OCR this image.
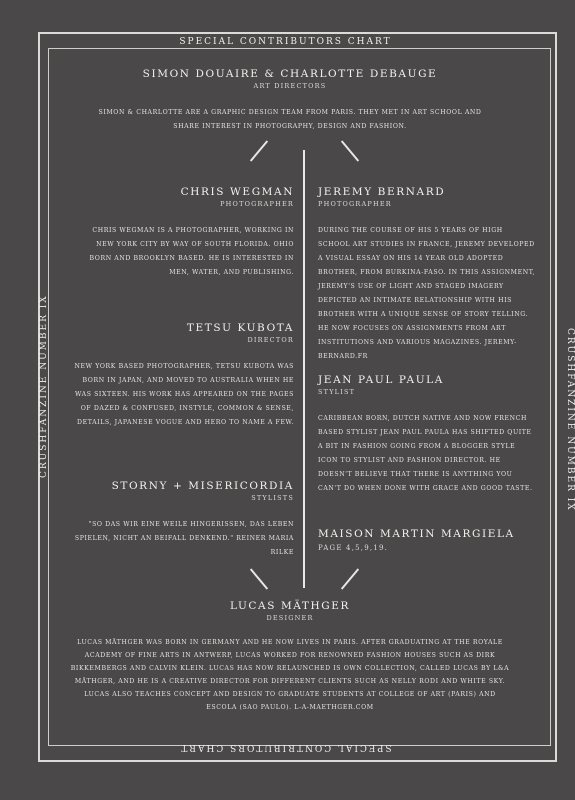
SPECIAL CONTRIBUTORS CHART
SPECIAL CONTRIBUTORS CHART
CRUSHFANZINE NUMBER IX	CRUSHFANZINE NUMBER IX
SIMON DOUAIRE & CHARLOTTE DEBAUGE
ART DIRECTORS
SIMON & CHARLOTTE ARE A GRAPHIC DESIGN TEAM FROM PARIS. THEY MET IN ART SCHOOL AND SHARE INTEREST IN PHOTOGRAPHY, DESIGN AND FASHION.
CHRIS WEGMAN
PHOTOGRAPHER
CHRIS WEGMAN IS A PHOTOGRAPHER, WORKING IN NEW YORK CITY BY WAY OF SOUTH FLORIDA. OHIO BORN AND BROOKLYN BASED. HE IS INTERESTED IN MEN, WATER, AND PUBLISHING.
TETSU KUBOTA
DIRECTOR
NEW YORK BASED PHOTOGRAPHER, TETSU KUBOTA WAS BORN IN JAPAN, AND MOVED TO AUSTRALIA WHEN HE WAS SIXTEEN. HIS WORK HAS APPEARED ON THE PAGES OF DAZED & CONFUSED, INSTYLE, COMMON & SENSE, DETAILS, JAPANESE VOGUE AND HERO TO NAME A FEW.
STORNY + MISERICORDIA
STYLISTS
"SO DAS WIR EINE WEILE HINGERISSEN, DAS LEBEN SPIELEN, NICHT AN BEIFALL DENKEND." REINER MARIA RILKE
JEREMY BERNARD
PHOTOGRAPHER
DURING THE COURSE OF HIS 5 YEARS OF HIGH SCHOOL ART STUDIES IN FRANCE, JEREMY DEVELOPED A VISUAL ESSAY ON HIS 14 YEAR OLD ADOPTED BROTHER, FROM BURKINA-FASO. IN THIS ASSIGNMENT, JEREMY'S USE OF LIGHT AND STAGED IMAGERY DEPICTED AN INTIMATE RELATIONSHIP WITH HIS BROTHER WITH A UNIQUE SENSE OF STORY TELLING. HE NOW FOCUSES ON ASSIGNMENTS FROM ART INSTITUTIONS AND VARIOUS MAGAZINES. JEREMY-BERNARD.FR
JEAN PAUL PAULA
STYLIST
CARIBBEAN BORN, DUTCH NATIVE AND NOW FRENCH BASED STYLIST JEAN PAUL PAULA HAS SHIFTED QUITE A BIT IN FASHION GOING FROM A BLOGGER STYLE ICON TO STYLIST AND FASHION DIRECTOR. HE DOESN'T BELIEVE THAT THERE IS ANYTHING YOU CAN'T DO WHEN DONE WITH GRACE AND GOOD TASTE.
MAISON MARTIN MARGIELA
PAGE 4,5,9,19.
LUCAS MÄTHGER
DESIGNER
LUCAS MÄTHGER WAS BORN IN GERMANY AND HE NOW LIVES IN PARIS. AFTER GRADUATING AT THE ROYALE ACADEMY OF FINE ARTS IN ANTWERP, LUCAS WORKED FOR RENOWNED FASHION HOUSES SUCH AS DIRK BIKKEMBERGS AND CALVIN KLEIN. LUCAS HAS NOW RELAUNCHED IS OWN COLLECTION, CALLED LUCAS BY L&A MÄTHGER, AND HE IS A CREATIVE DIRECTOR FOR DIFFERENT CLIENTS SUCH AS NELLY RODI AND WHITE SKY. LUCAS ALSO TEACHES CONCEPT AND DESIGN TO GRADUATE STUDENTS AT COLLEGE OF ART (PARIS) AND ESCOLA (SAO PAULO). L-A-MAETHGER.COM
